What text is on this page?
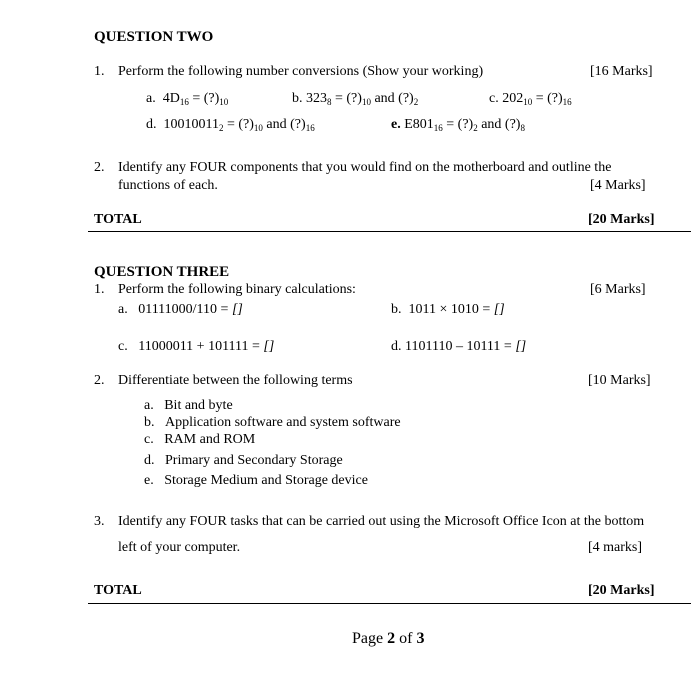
QUESTION TWO
1. Perform the following number conversions (Show your working)	[16 Marks]
a. $4D_{16}$ = $(?)_{10}$	b. $323_8$ = $(?)_{10}$ and $(?)_2$	c. $202_{10}$ = $(?)_{16}$
d. $10010011_2$ = $(?)_{10}$ and $(?)_{16}$	e. $E801_{16}$ = $(?)_2$ and $(?)_8$
2. Identify any FOUR components that you would find on the motherboard and outline the
functions of each.	[4 Marks]
TOTAL	[20 Marks]
QUESTION THREE
1. Perform the following binary calculations:	[6 Marks]
a. 01111000/110 = []	b. 1011 × 1010 = []
c. 11000011 + 101111 = []	d. 1101110 – 10111 = []
2. Differentiate between the following terms	[10 Marks]
a. Bit and byte
b. Application software and system software
c. RAM and ROM
d. Primary and Secondary Storage
e. Storage Medium and Storage device
3. Identify any FOUR tasks that can be carried out using the Microsoft Office Icon at the bottom
left of your computer.	[4 marks]
TOTAL	[20 Marks]
Page 2 of 3
